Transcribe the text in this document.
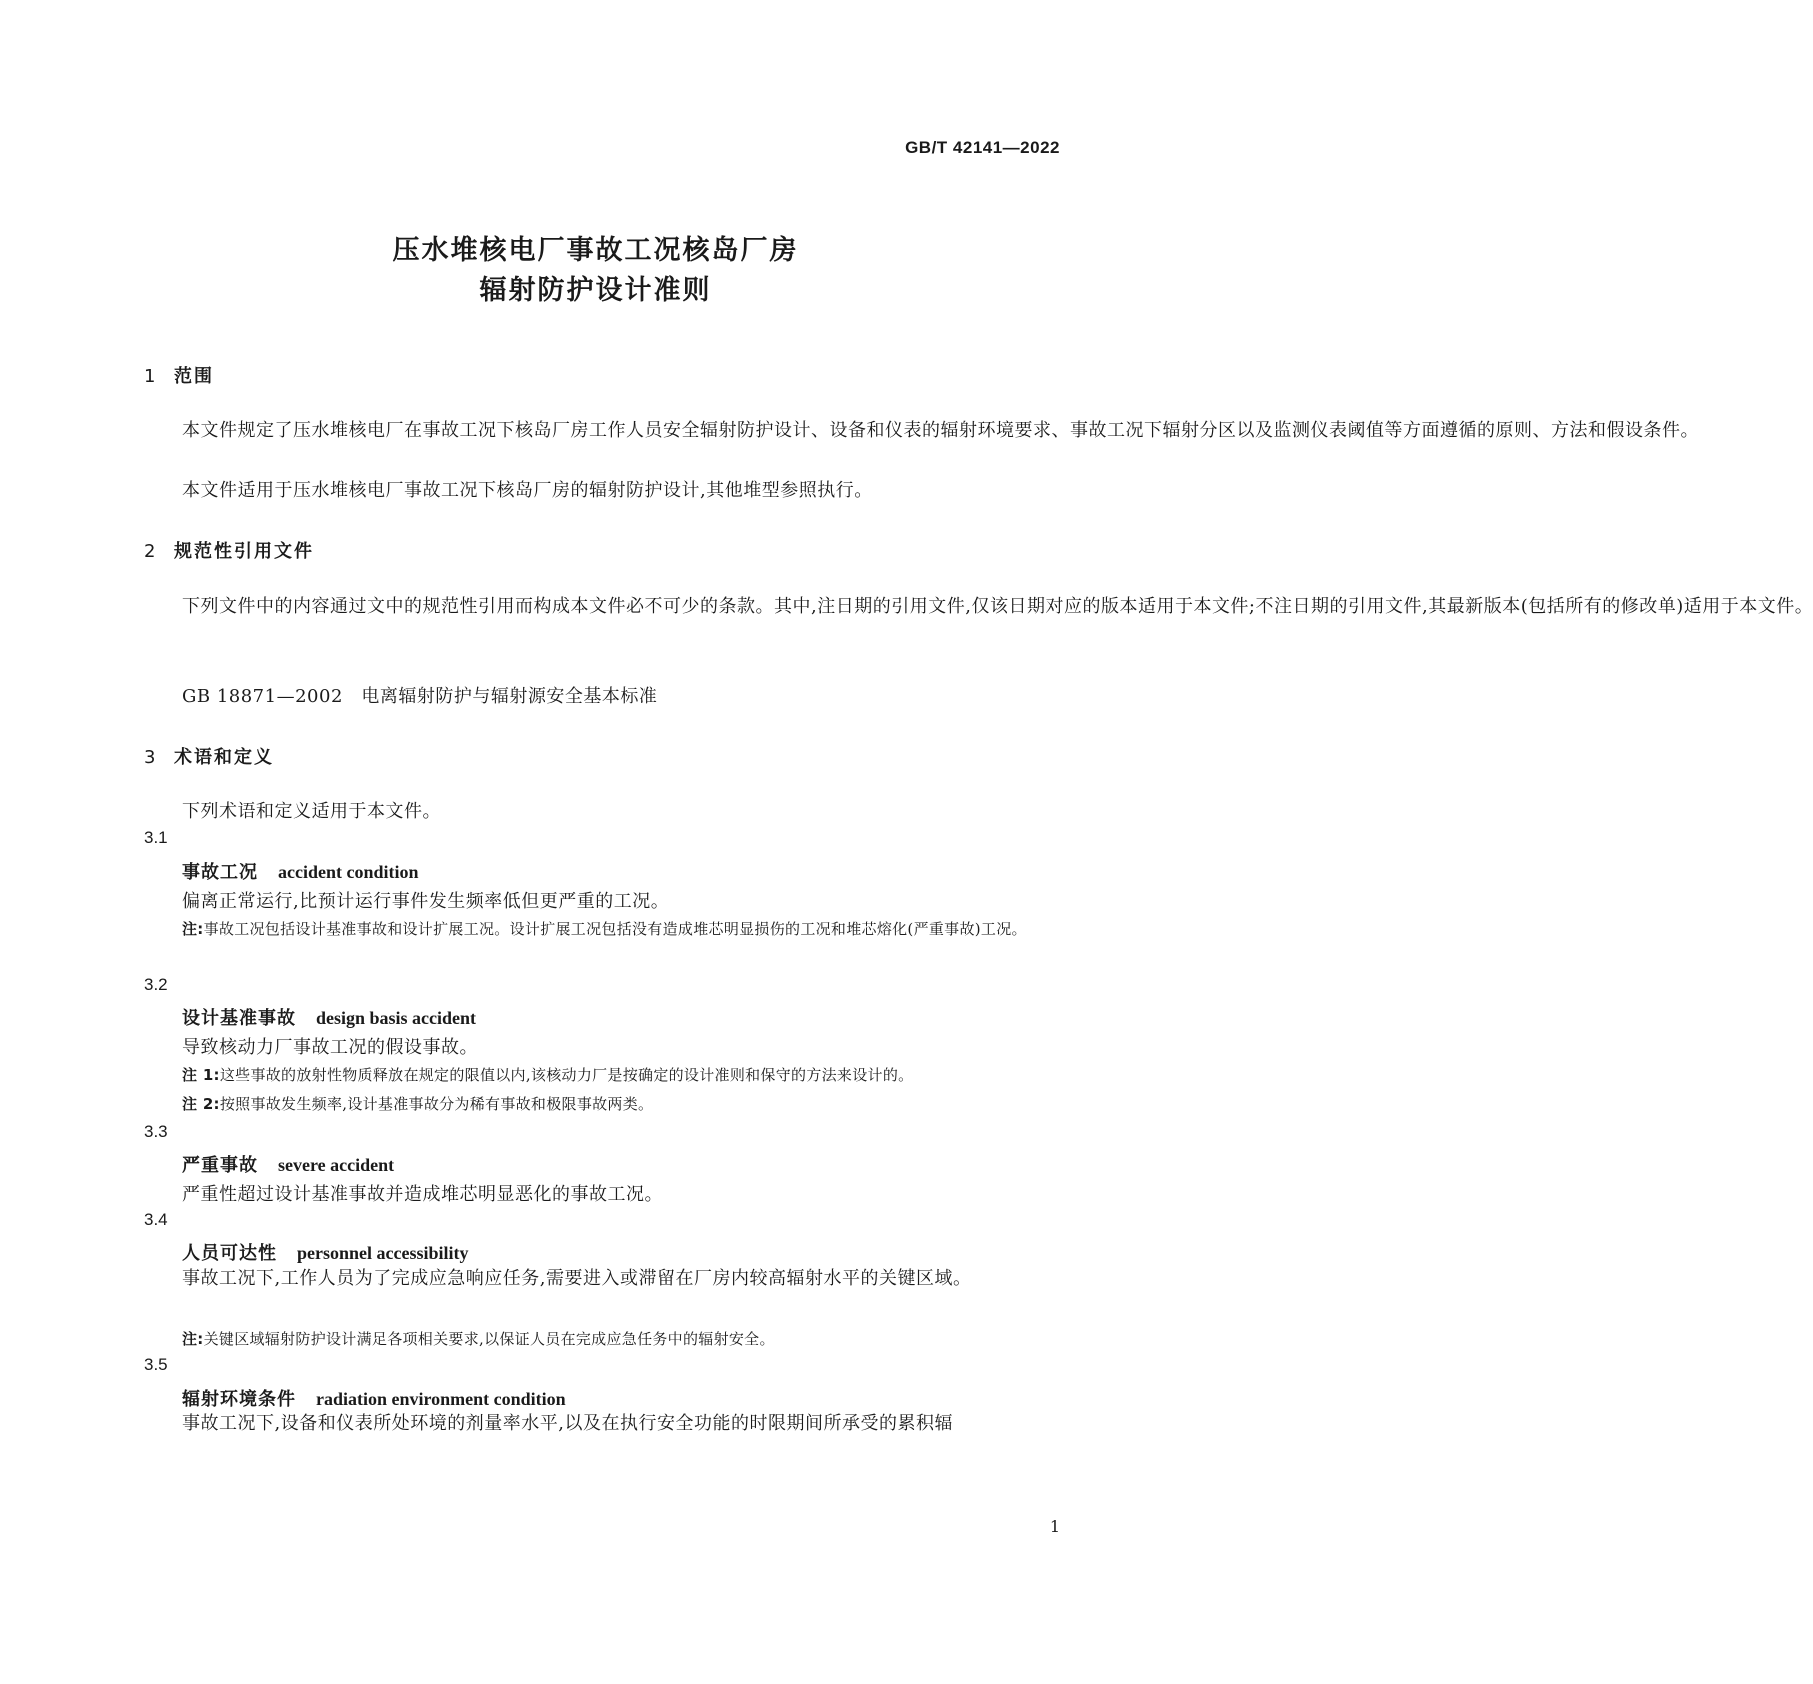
GB/T 42141—2022
压水堆核电厂事故工况核岛厂房
辐射防护设计准则
1 范围
本文件规定了压水堆核电厂在事故工况下核岛厂房工作人员安全辐射防护设计、设备和仪表的辐射环境要求、事故工况下辐射分区以及监测仪表阈值等方面遵循的原则、方法和假设条件。
本文件适用于压水堆核电厂事故工况下核岛厂房的辐射防护设计,其他堆型参照执行。
2 规范性引用文件
下列文件中的内容通过文中的规范性引用而构成本文件必不可少的条款。其中,注日期的引用文件,仅该日期对应的版本适用于本文件;不注日期的引用文件,其最新版本(包括所有的修改单)适用于本文件。
GB 18871—2002　电离辐射防护与辐射源安全基本标准
3 术语和定义
下列术语和定义适用于本文件。
3.1
事故工况 accident condition
偏离正常运行,比预计运行事件发生频率低但更严重的工况。
注:事故工况包括设计基准事故和设计扩展工况。设计扩展工况包括没有造成堆芯明显损伤的工况和堆芯熔化(严重事故)工况。
3.2
设计基准事故 design basis accident
导致核动力厂事故工况的假设事故。
注 1:这些事故的放射性物质释放在规定的限值以内,该核动力厂是按确定的设计准则和保守的方法来设计的。
注 2:按照事故发生频率,设计基准事故分为稀有事故和极限事故两类。
3.3
严重事故 severe accident
严重性超过设计基准事故并造成堆芯明显恶化的事故工况。
3.4
人员可达性 personnel accessibility
事故工况下,工作人员为了完成应急响应任务,需要进入或滞留在厂房内较高辐射水平的关键区域。
注:关键区域辐射防护设计满足各项相关要求,以保证人员在完成应急任务中的辐射安全。
3.5
辐射环境条件 radiation environment condition
事故工况下,设备和仪表所处环境的剂量率水平,以及在执行安全功能的时限期间所承受的累积辐
1
